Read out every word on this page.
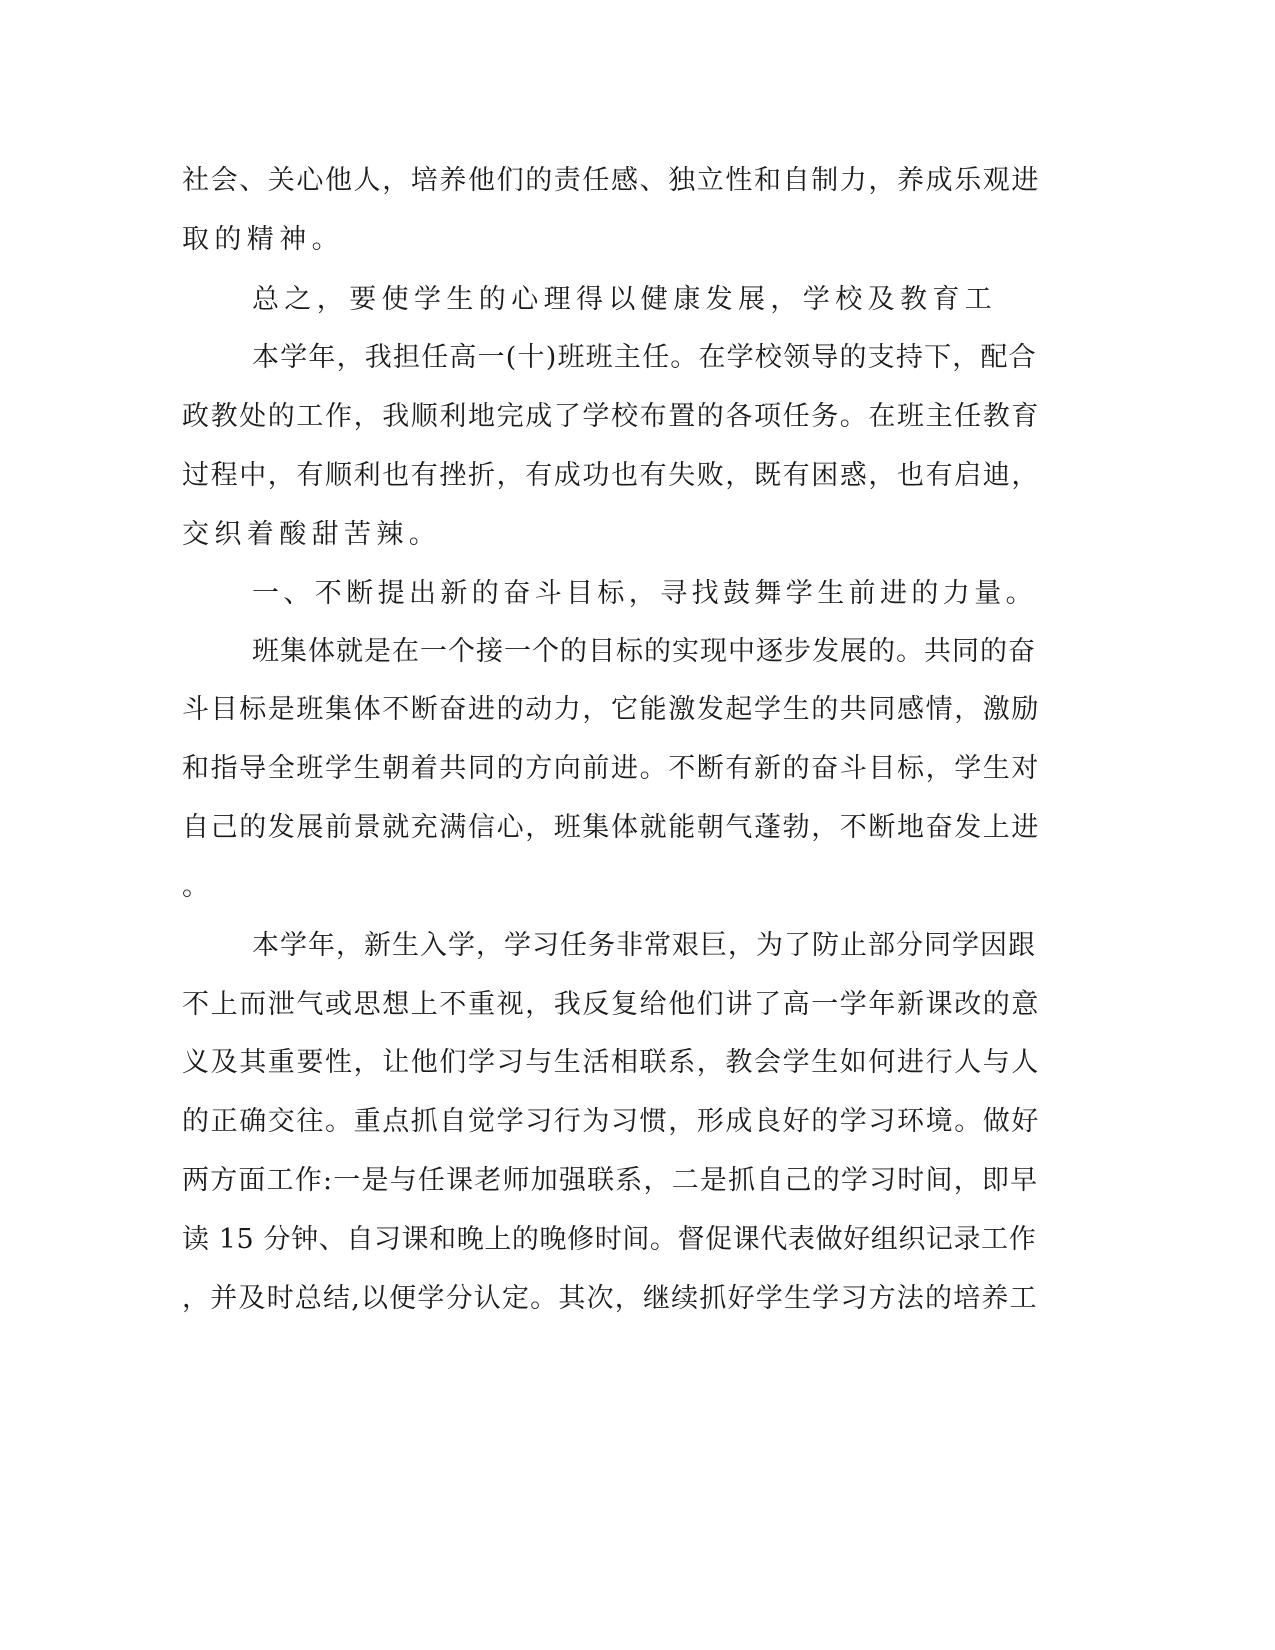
社会、关心他人，培养他们的责任感、独立性和自制力，养成乐观进
取的精神。
总之，要使学生的心理得以健康发展，学校及教育工
本学年，我担任高一(十)班班主任。在学校领导的支持下，配合
政教处的工作，我顺利地完成了学校布置的各项任务。在班主任教育
过程中，有顺利也有挫折，有成功也有失败，既有困惑，也有启迪，
交织着酸甜苦辣。
一、不断提出新的奋斗目标，寻找鼓舞学生前进的力量。
班集体就是在一个接一个的目标的实现中逐步发展的。共同的奋
斗目标是班集体不断奋进的动力，它能激发起学生的共同感情，激励
和指导全班学生朝着共同的方向前进。不断有新的奋斗目标，学生对
自己的发展前景就充满信心，班集体就能朝气蓬勃，不断地奋发上进
。
本学年，新生入学，学习任务非常艰巨，为了防止部分同学因跟
不上而泄气或思想上不重视，我反复给他们讲了高一学年新课改的意
义及其重要性，让他们学习与生活相联系，教会学生如何进行人与人
的正确交往。重点抓自觉学习行为习惯，形成良好的学习环境。做好
两方面工作:一是与任课老师加强联系，二是抓自己的学习时间，即早
读 15 分钟、自习课和晚上的晚修时间。督促课代表做好组织记录工作
，并及时总结,以便学分认定。其次，继续抓好学生学习方法的培养工
